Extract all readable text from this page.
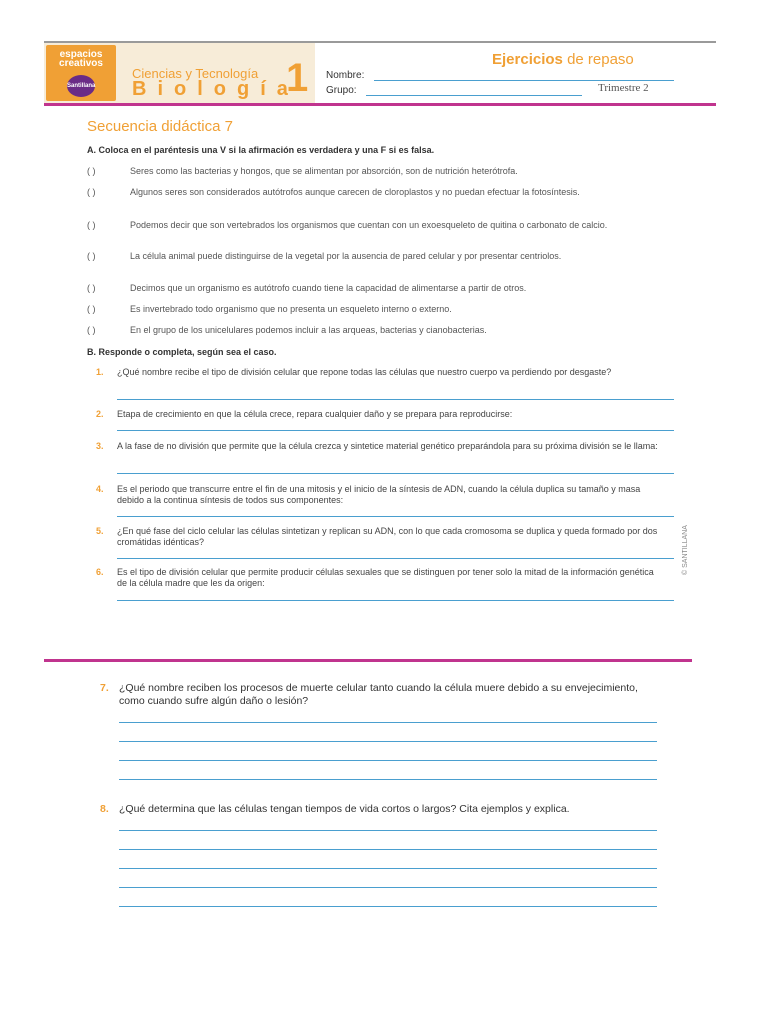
espacios
creativos
Santillana
Ciencias y Tecnología
Biología
1	Ejercicios de repaso
Nombre:
Grupo:	Trimestre 2
Secuencia didáctica 7
A. Coloca en el paréntesis una V si la afirmación es verdadera y una F si es falsa.
( )	Seres como las bacterias y hongos, que se alimentan por absorción, son de nutrición heterótrofa.
( )	Algunos seres son considerados autótrofos aunque carecen de cloroplastos y no puedan efectuar la fotosíntesis.
( )	Podemos decir que son vertebrados los organismos que cuentan con un exoesqueleto de quitina o carbonato de calcio.
( )	La célula animal puede distinguirse de la vegetal por la ausencia de pared celular y por presentar centriolos.
( )	Decimos que un organismo es autótrofo cuando tiene la capacidad de alimentarse a partir de otros.
( )	Es invertebrado todo organismo que no presenta un esqueleto interno o externo.
( )	En el grupo de los unicelulares podemos incluir a las arqueas, bacterias y cianobacterias.
B. Responde o completa, según sea el caso.
1. ¿Qué nombre recibe el tipo de división celular que repone todas las células que nuestro cuerpo va perdiendo por desgaste?
2. Etapa de crecimiento en que la célula crece, repara cualquier daño y se prepara para reproducirse:
3. A la fase de no división que permite que la célula crezca y sintetice material genético preparándola para su próxima división se le llama:
4. Es el periodo que transcurre entre el fin de una mitosis y el inicio de la síntesis de ADN, cuando la célula duplica su tamaño y masa debido a la continua síntesis de todos sus componentes:
5. ¿En qué fase del ciclo celular las células sintetizan y replican su ADN, con lo que cada cromosoma se duplica y queda formado por dos cromátidas idénticas?
6. Es el tipo de división celular que permite producir células sexuales que se distinguen por tener solo la mitad de la información genética de la célula madre que les da origen:
© SANTILLANA
7. ¿Qué nombre reciben los procesos de muerte celular tanto cuando la célula muere debido a su envejecimiento, como cuando sufre algún daño o lesión?
8. ¿Qué determina que las células tengan tiempos de vida cortos o largos? Cita ejemplos y explica.
